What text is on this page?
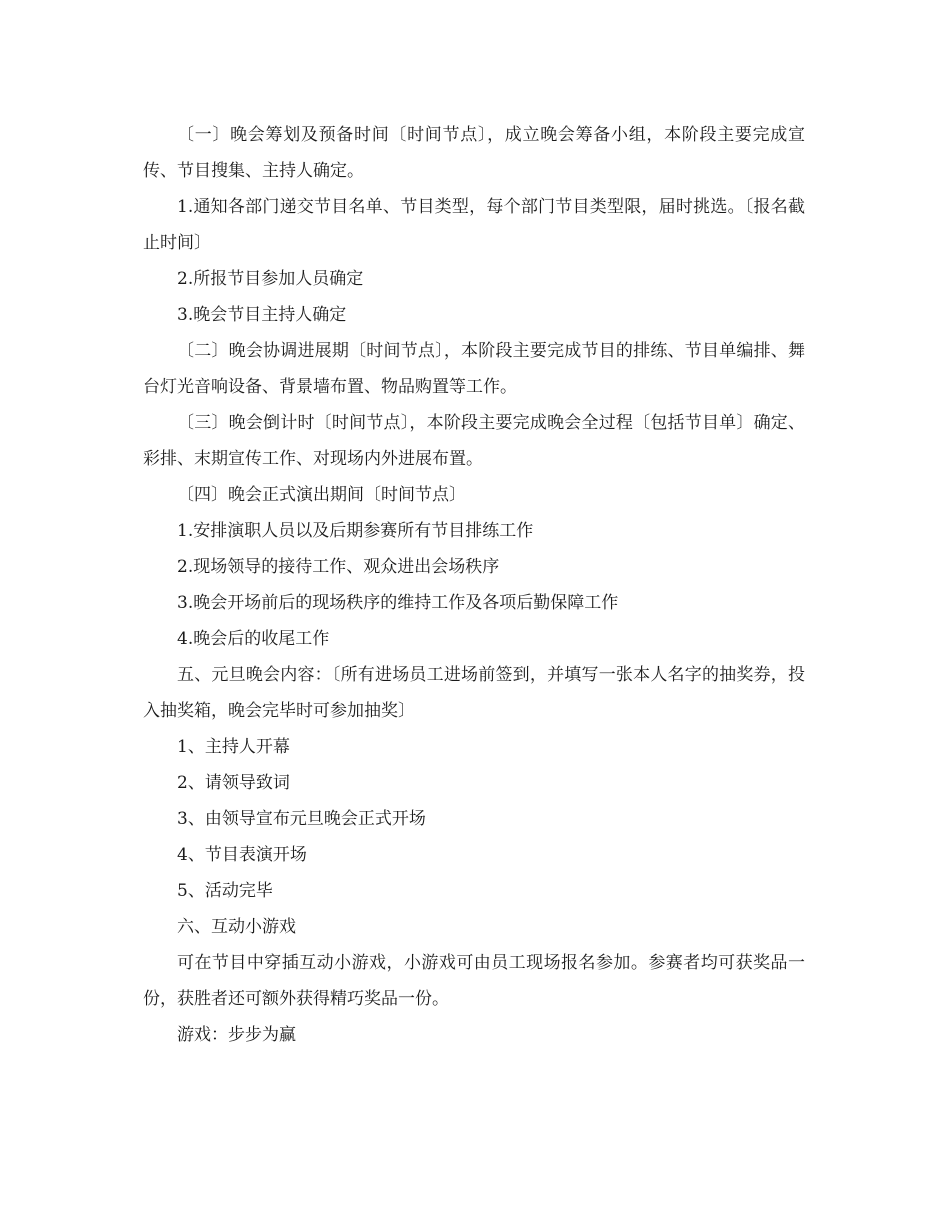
〔一〕晚会筹划及预备时间〔时间节点〕，成立晚会筹备小组，本阶段主要完成宣传、节目搜集、主持人确定。

1.通知各部门递交节目名单、节目类型，每个部门节目类型限，届时挑选。〔报名截止时间〕

2.所报节目参加人员确定

3.晚会节目主持人确定

〔二〕晚会协调进展期〔时间节点〕，本阶段主要完成节目的排练、节目单编排、舞台灯光音响设备、背景墙布置、物品购置等工作。

〔三〕晚会倒计时〔时间节点〕，本阶段主要完成晚会全过程〔包括节目单〕确定、彩排、末期宣传工作、对现场内外进展布置。

〔四〕晚会正式演出期间〔时间节点〕

1.安排演职人员以及后期参赛所有节目排练工作

2.现场领导的接待工作、观众进出会场秩序

3.晚会开场前后的现场秩序的维持工作及各项后勤保障工作

4.晚会后的收尾工作

五、元旦晚会内容：〔所有进场员工进场前签到，并填写一张本人名字的抽奖券，投入抽奖箱，晚会完毕时可参加抽奖〕

1、主持人开幕

2、请领导致词

3、由领导宣布元旦晚会正式开场

4、节目表演开场

5、活动完毕

六、互动小游戏

可在节目中穿插互动小游戏，小游戏可由员工现场报名参加。参赛者均可获奖品一份，获胜者还可额外获得精巧奖品一份。

游戏：步步为赢
